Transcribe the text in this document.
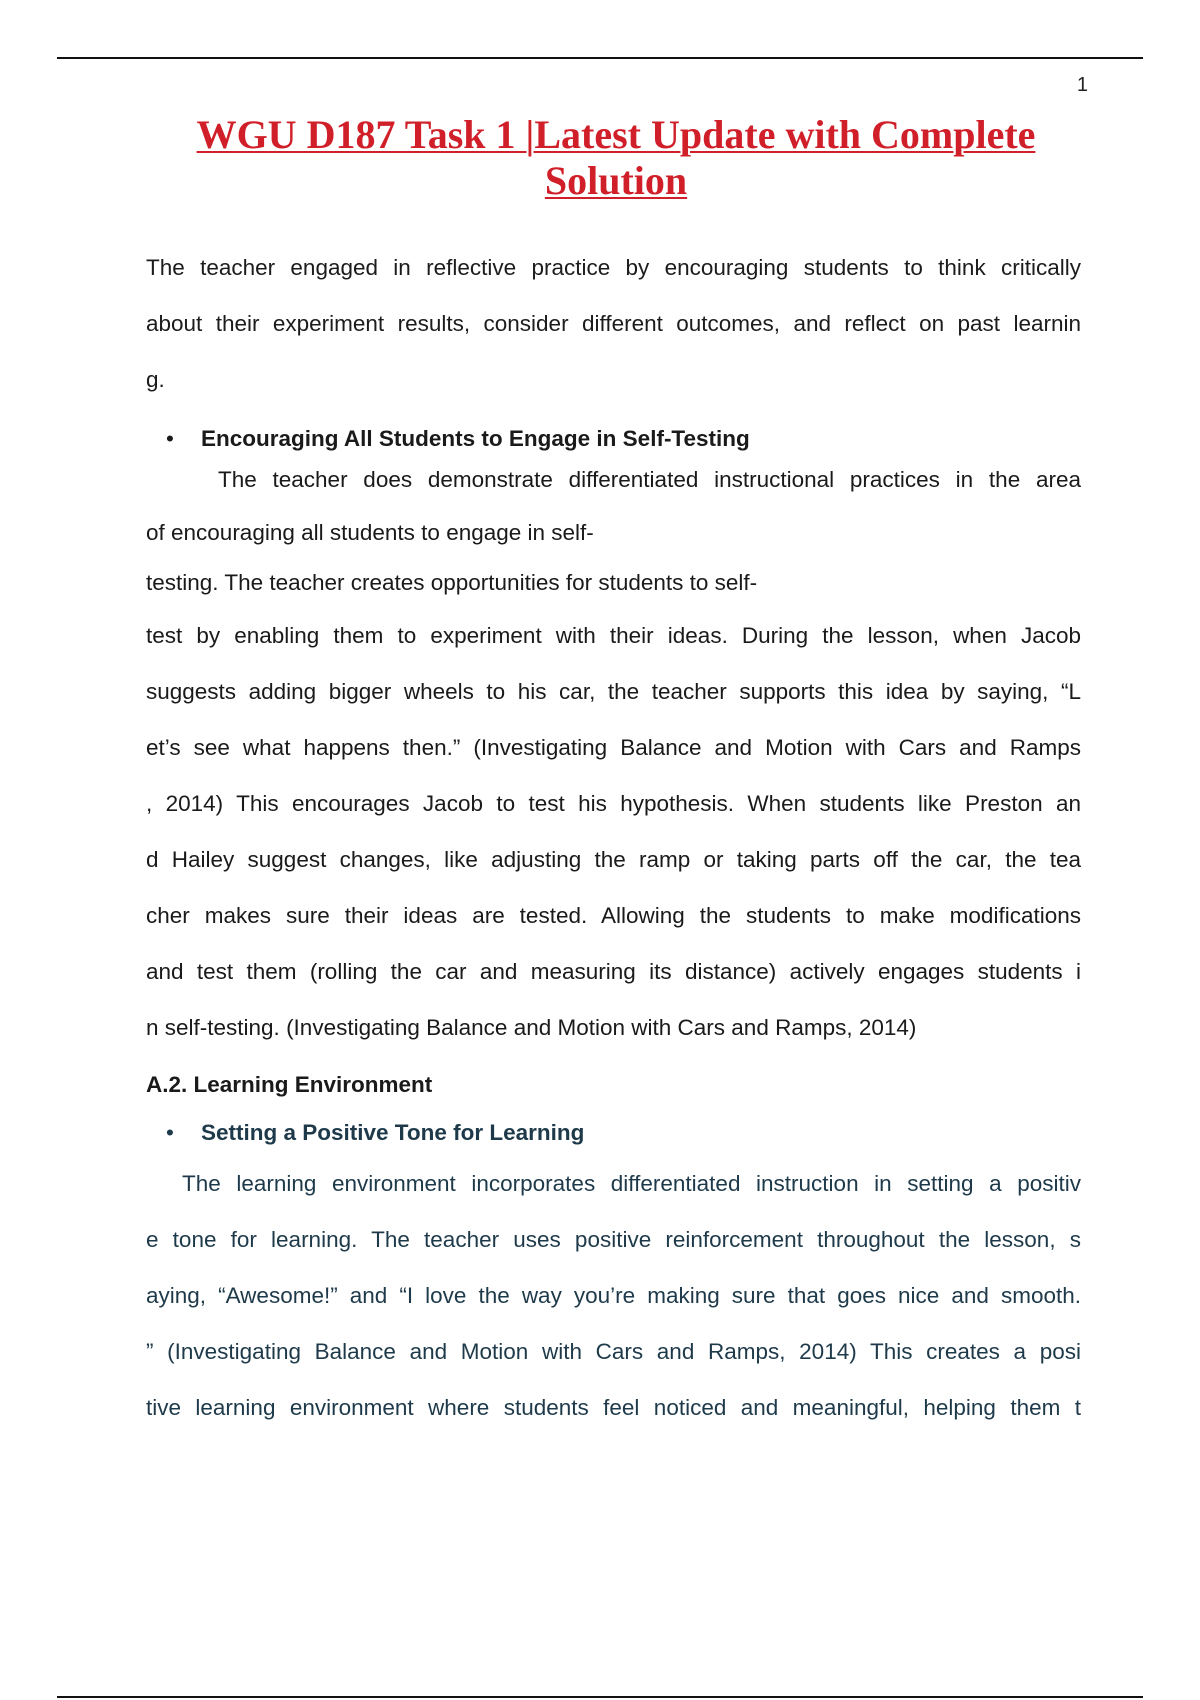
1
WGU D187 Task 1 |Latest Update with Complete
Solution
The teacher engaged in reflective practice by encouraging students to think critically
about their experiment results, consider different outcomes, and reflect on past learnin
g.
• Encouraging All Students to Engage in Self-Testing
The teacher does demonstrate differentiated instructional practices in the area
of encouraging all students to engage in self-
testing. The teacher creates opportunities for students to self-
test by enabling them to experiment with their ideas. During the lesson, when Jacob
suggests adding bigger wheels to his car, the teacher supports this idea by saying, “L
et’s see what happens then.” (Investigating Balance and Motion with Cars and Ramps
, 2014) This encourages Jacob to test his hypothesis. When students like Preston an
d Hailey suggest changes, like adjusting the ramp or taking parts off the car, the tea
cher makes sure their ideas are tested. Allowing the students to make modifications
and test them (rolling the car and measuring its distance) actively engages students i
n self-testing. (Investigating Balance and Motion with Cars and Ramps, 2014)
A.2. Learning Environment
• Setting a Positive Tone for Learning
The learning environment incorporates differentiated instruction in setting a positiv
e tone for learning. The teacher uses positive reinforcement throughout the lesson, s
aying, “Awesome!” and “I love the way you’re making sure that goes nice and smooth.
” (Investigating Balance and Motion with Cars and Ramps, 2014) This creates a posi
tive learning environment where students feel noticed and meaningful, helping them t
